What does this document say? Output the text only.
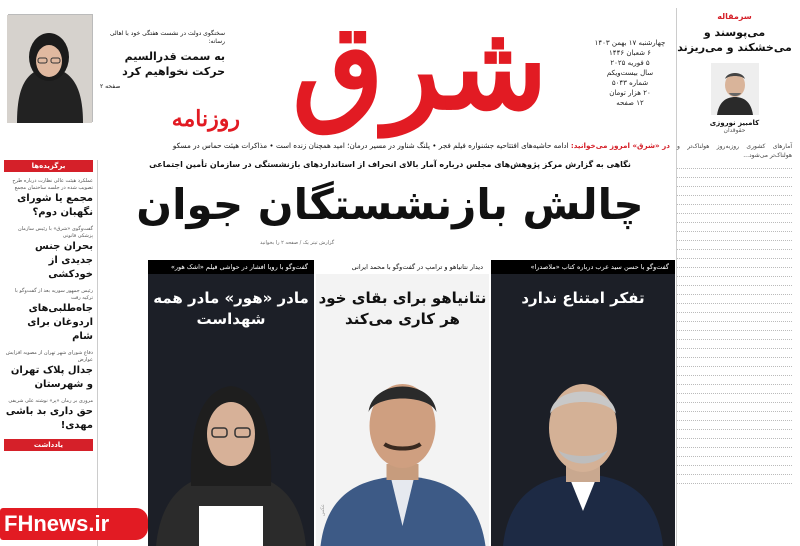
سخنگوی دولت در نشست هفتگی خود با اهالی رسانه:
به سمت قدرالسیم حرکت نخواهیم کرد
صفحه ۲	شرق
روزنامه
چهارشنبه ۱۷ بهمن ۱۴۰۳
۶ شعبان ۱۴۴۶
۵ فوریه ۲۰۲۵
سال بیست‌ویکم
شماره ۵۰۴۳
۲۰ هزار تومان
۱۲ صفحه
در «شرق» امروز می‌خوانید: ادامه حاشیه‌های افتتاحیه جشنواره فیلم فجر • پلنگ شناور در مسیر درمان؛ امید همچنان زنده است • مذاکرات هیئت حماس در مسکو
سرمقاله
می‌پوسند و می‌خشکند و می‌ریزند
کامبیز نوروزی
حقوقدان
آمارهای کشوری روزبه‌روز هولناک‌تر و هولناک‌تر می‌شود...
برگزیده‌ها
عملکرد هیئت عالی نظارت درباره طرح تصویب شده در جلسه ساختمان مجمع
مجمع یا شورای نگهبان دوم؟
گفت‌وگوی «شرق» با رئیس سازمان پزشکی قانونی
بحران جنس جدیدی از خودکشی
رئیس جمهور سوریه بعد از گفت‌وگو با ترکیه رفت
جاه‌طلبی‌های اردوغان برای شام
دفاع شورای شهر تهران از مصوبه افزایش عوارض
جدال پلاک تهران و شهرستان
مروری بر رمان «پر» نوشته علی شریفی
حق داری بد باشی مهدی!
یادداشت
نگاهی به گزارش مرکز پژوهش‌های مجلس درباره آمار بالای انحراف از استانداردهای بازنشستگی در سازمان تأمین اجتماعی
چالش بازنشستگان جوان
گزارش تیتر یک / صفحه ۲ را بخوانید
گفت‌وگو با حسن سید عرب درباره کتاب «ملاصدرا»
تفکر امتناع ندارد
دیدار نتانیاهو و ترامپ در گفت‌وگو با محمد ایرانی
نتانیاهو برای بقای خود هر کاری می‌کند
عکس
گفت‌وگو با رویا افشار در حواشی فیلم «اشک هور»
مادر «هور» مادر همه شهداست
FHnews.ir
